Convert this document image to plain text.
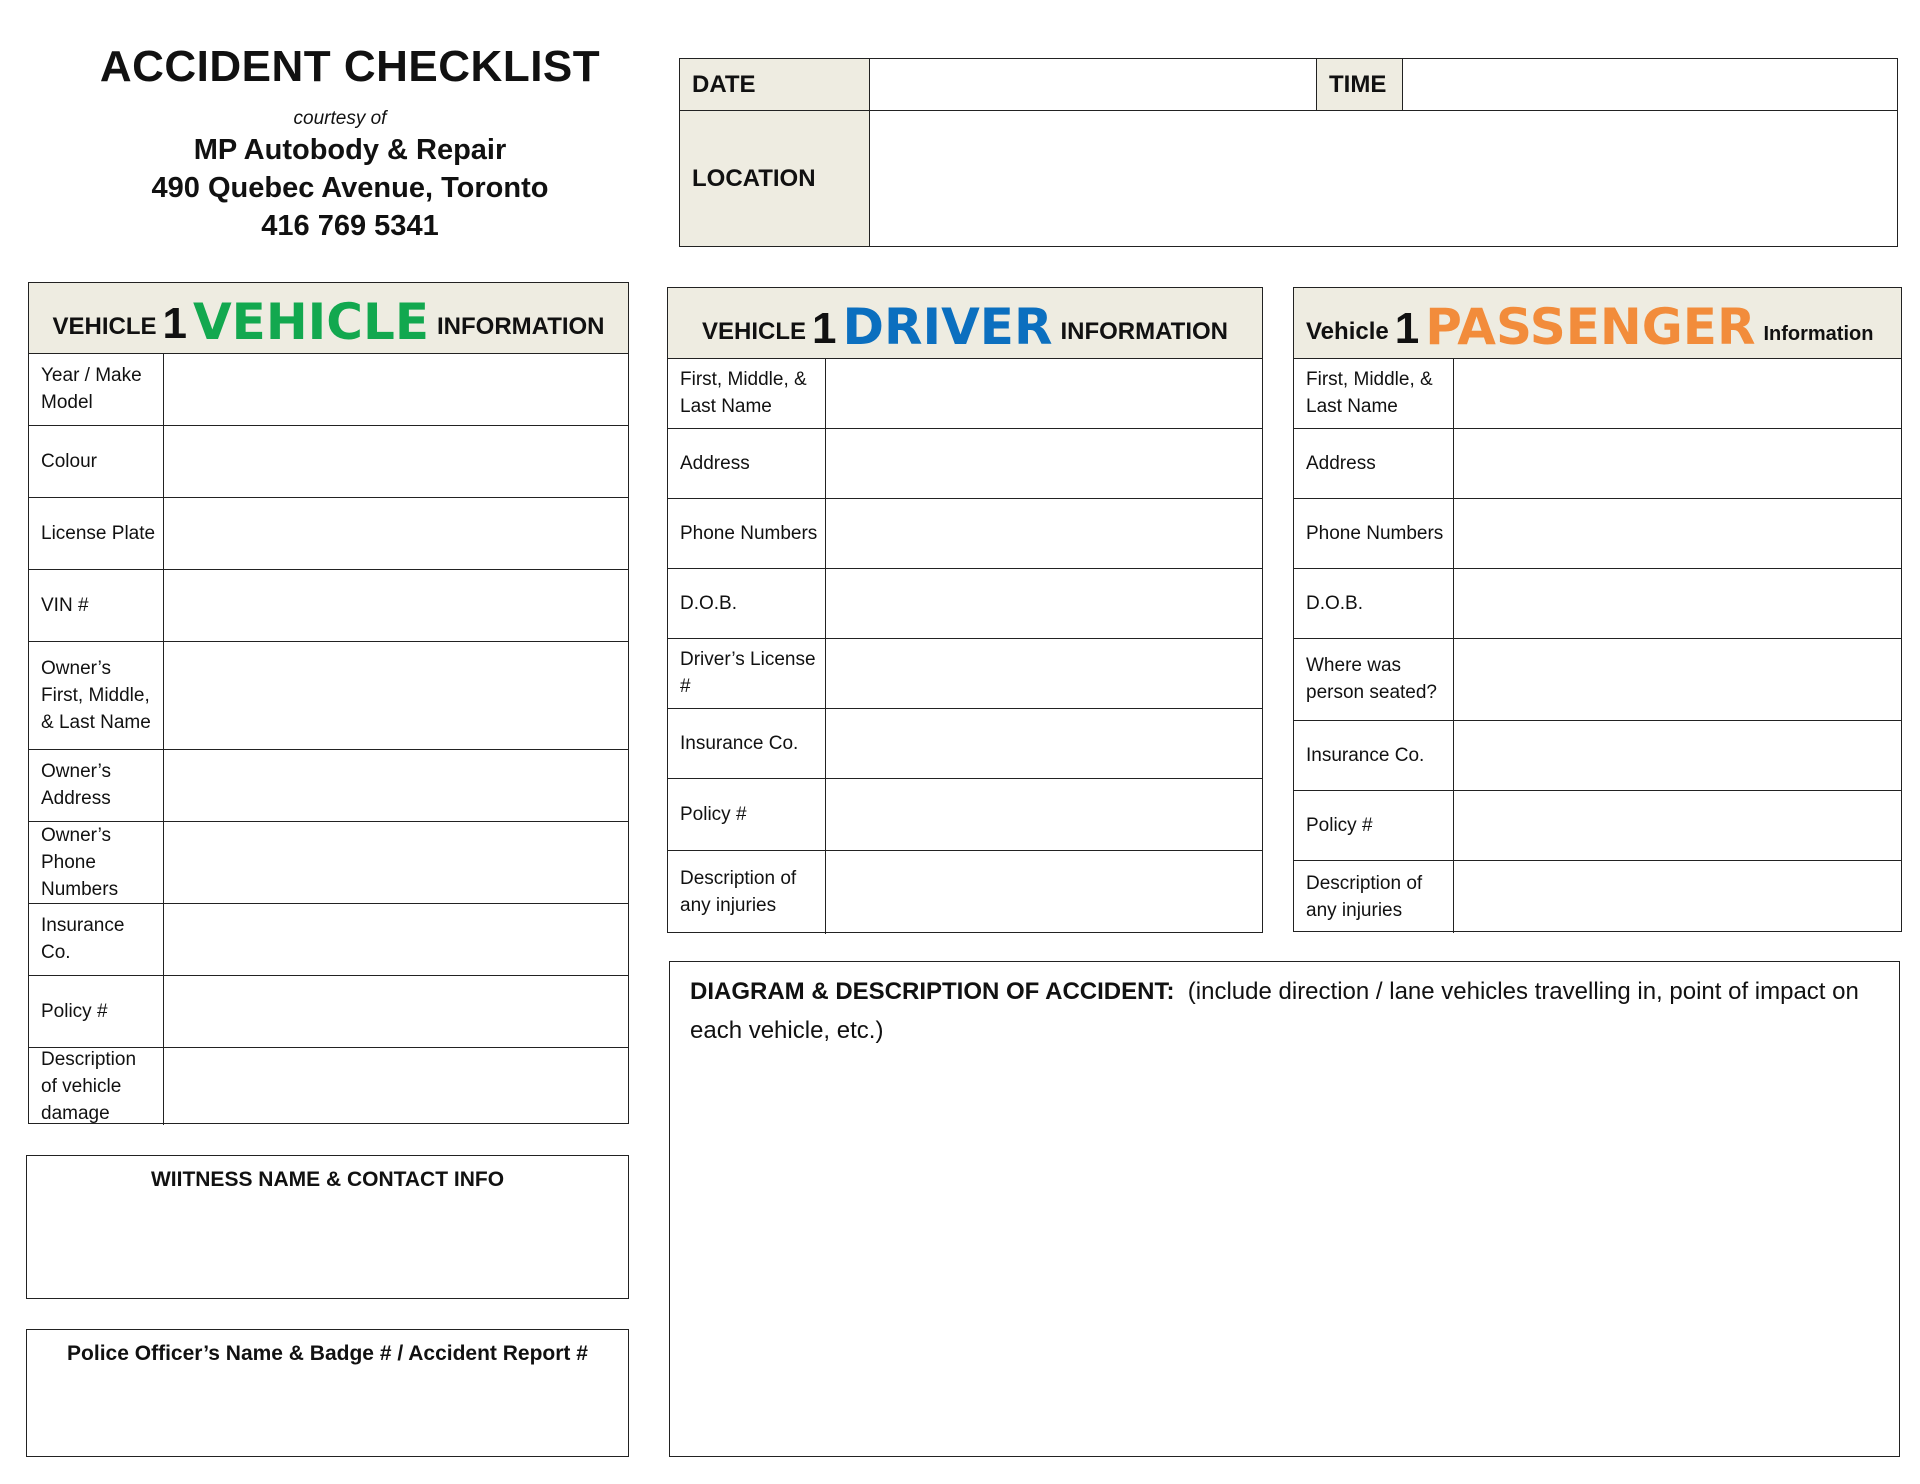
ACCIDENT CHECKLIST
courtesy of
MP Autobody & Repair
490 Quebec Avenue, Toronto
416 769 5341
DATE	TIME
LOCATION
VEHICLE 1 VEHICLE INFORMATION
Year / Make Model
Colour
License Plate
VIN #
Owner’s First, Middle, & Last Name
Owner’s Address
Owner’s Phone Numbers
Insurance Co.
Policy #
Description of vehicle damage
VEHICLE 1 DRIVER INFORMATION
First, Middle, & Last Name
Address
Phone Numbers
D.O.B.
Driver’s License #
Insurance Co.
Policy #
Description of any injuries
Vehicle 1 PASSENGER Information
First, Middle, & Last Name
Address
Phone Numbers
D.O.B.
Where was person seated?
Insurance Co.
Policy #
Description of any injuries
WIITNESS NAME & CONTACT INFO
Police Officer’s Name & Badge # / Accident Report #
DIAGRAM & DESCRIPTION OF ACCIDENT: (include direction / lane vehicles travelling in, point of impact on each vehicle, etc.)
